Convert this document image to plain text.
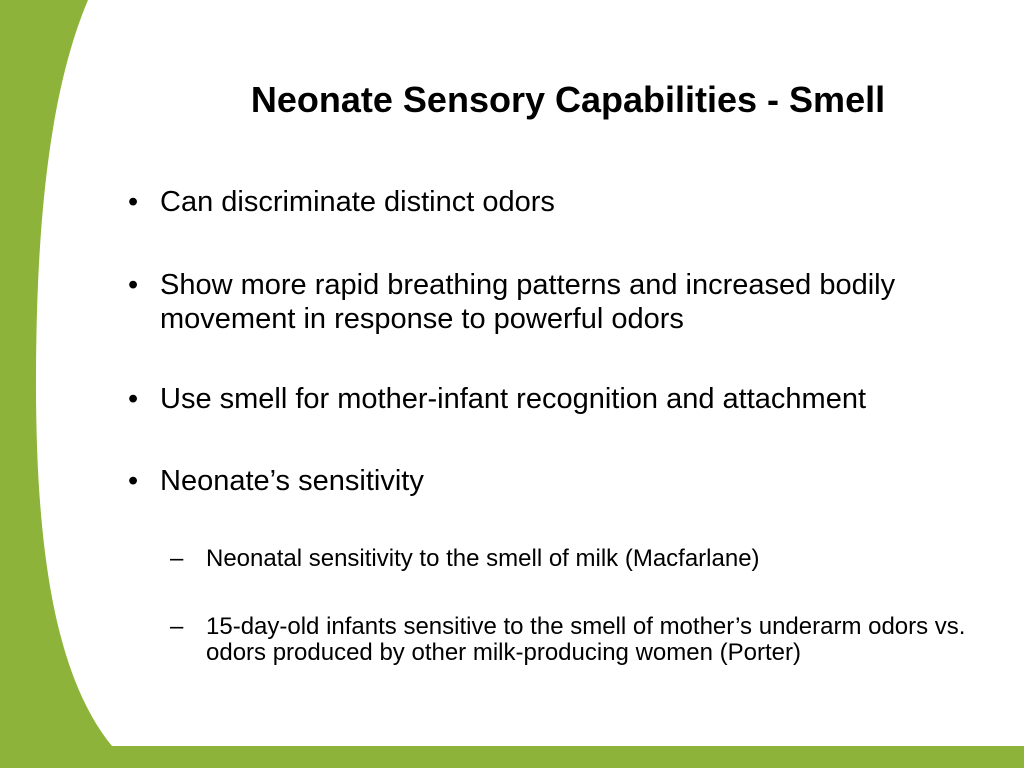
Neonate Sensory Capabilities - Smell
• Can discriminate distinct odors
• Show more rapid breathing patterns and increased bodily movement in response to powerful odors
• Use smell for mother-infant recognition and attachment
• Neonate’s sensitivity
– Neonatal sensitivity to the smell of milk (Macfarlane)
– 15-day-old infants sensitive to the smell of mother’s underarm odors vs. odors produced by other milk-producing women (Porter)
